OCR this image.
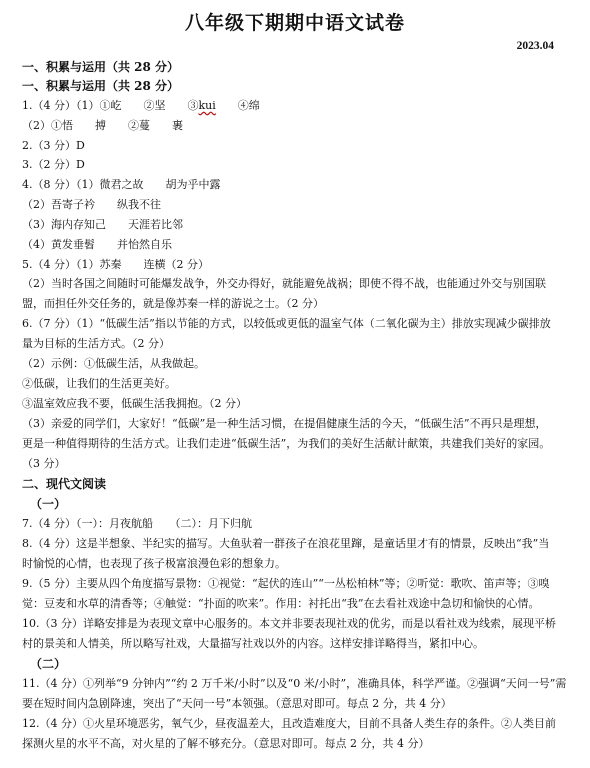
八年级下期期中语文试卷
2023.04
一、积累与运用（共 28 分）
一、积累与运用（共 28 分）
1.（4 分）（1）①屹　　②坚　　③kui　　④绵
（2）①悟　　搏　　②蔓　　裹
2.（3 分）D
3.（2 分）D
4.（8 分）（1）微君之故　　胡为乎中露
（2）吾寄子衿　　纵我不往
（3）海内存知己　　天涯若比邻
（4）黄发垂髫　　并怡然自乐
5.（4 分）（1）苏秦　　连横（2 分）
（2）当时各国之间随时可能爆发战争，外交办得好，就能避免战祸；即使不得不战，也能通过外交与别国联
盟，而担任外交任务的，就是像苏秦一样的游说之士。（2 分）
6.（7 分）（1）“低碳生活”指以节能的方式，以较低或更低的温室气体（二氧化碳为主）排放实现减少碳排放
量为目标的生活方式。（2 分）
（2）示例：①低碳生活，从我做起。
②低碳，让我们的生活更美好。
③温室效应我不要，低碳生活我拥抱。（2 分）
（3）亲爱的同学们，大家好！“低碳”是一种生活习惯，在提倡健康生活的今天，“低碳生活”不再只是理想，
更是一种值得期待的生活方式。让我们走进“低碳生活”，为我们的美好生活献计献策，共建我们美好的家园。
（3 分）
二、现代文阅读
（一）
7.（4 分）（一）：月夜航船　　（二）：月下归航
8.（4 分）这是半想象、半纪实的描写。大鱼驮着一群孩子在浪花里蹿，是童话里才有的情景，反映出“我”当
时愉悦的心情，也表现了孩子极富浪漫色彩的想象力。
9.（5 分）主要从四个角度描写景物：①视觉：“起伏的连山”“一丛松柏林”等；②听觉：歌吹、笛声等；③嗅
觉：豆麦和水草的清香等；④触觉：“扑面的吹来”。作用：衬托出“我”在去看社戏途中急切和愉快的心情。
10.（3 分）详略安排是为表现文章中心服务的。本文并非要表现社戏的优劣，而是以看社戏为线索，展现平桥
村的景美和人情美，所以略写社戏，大量描写社戏以外的内容。这样安排详略得当，紧扣中心。
（二）
11.（4 分）①列举“9 分钟内”“约 2 万千米/小时”以及“0 米/小时”，准确具体，科学严谨。②强调“天问一号”需
要在短时间内急剧降速，突出了“天问一号”本领强。（意思对即可。每点 2 分，共 4 分）
12.（4 分）①火星环境恶劣，氧气少，昼夜温差大，且改造难度大，目前不具备人类生存的条件。②人类目前
探测火星的水平不高，对火星的了解不够充分。（意思对即可。每点 2 分，共 4 分）
